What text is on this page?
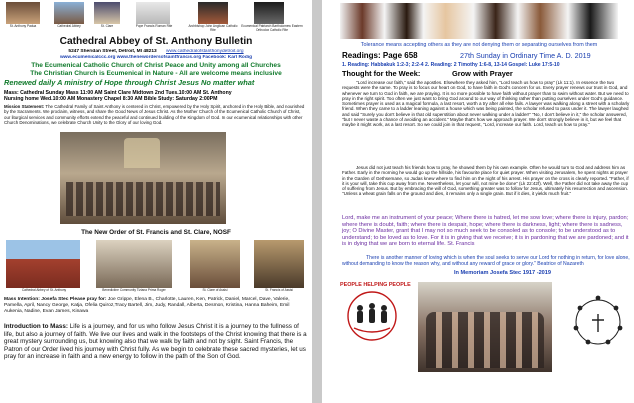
St. Anthony Padua	Cathedral Abbey	St. Clare	Pope Francis Roman Rite	Archbishop John Anglican Catholic Rite
Ecumenical Patriarch Bartholomew Eastern Orthodox Catholic Rite
Cathedral Abbey of St. Anthony Bulletin
5247 Sheridan Street, Detroit, MI 48213 www.cathedralofstanthonydetroit.org
www.ecumenicalccc.org www.thenewordersofsaintfrancis.org Facebook: Karl Rodig
The Ecumenical Catholic Church of Christ Peace and Unity among all Churches
The Christian Church is Ecumenical in Nature - All are welcome means inclusive
Renewed daily A ministry of Hope through Christ Jesus No matter what
Mass: Cathedral Sunday Mass 11:00 AM Saint Clare Midtown 2nd Tues.10:00 AM St. Anthony
Nursing home Wed.10:00 AM Monastery Chapel 8:30 AM Bible Study: Saturday 2:00PM
Mission Statement: The Cathedral Family of Saint Anthony is centered in Christ, empowered by the Holy Spirit, anchored in the Holy Bible, and nourished by the Sacraments. We proclaim, witness, and share the Good News of Jesus Christ. As the Mother Church of the Ecumenical Catholic Church of Christ, our liturgical services and community efforts extend the peaceful and continued building of the Kingdom of God. In our ecumenical relationships with other Church Denominations, we celebrate Church Unity to the Glory of our loving God.
The New Order of St. Francis and St. Clare, NOSF
Cathedral Abbey of St. Anthony	Benedictine Community Tiziana Prima Roger	St. Clare of Assisi	St. Francis of Assisi
Mass Intention: Josefa Stec Please pray for: Joe Grippe, Elena B., Charlotte, Lauren, Ken, Patrick, Daniel, Marcel, Dave, Valerie, Pamella, April, Nancy George, Katja, Ofelia Quiroz,Tracy Bartell, Jim, Judy, Randall, Alberta, Desmon, Kristina, Hanna Baheim, Emil Aukenia, Nadine, Evan James, Kinawa
Introduction to Mass: Life is a journey, and for us who follow Jesus Christ it is a journey to the fullness of life, but also a journey of faith. We live our lives and walk in the footsteps of the Christ knowing that there is a great mystery surrounding us, but knowing also that we walk by faith and not by sight. Saint Francis, the Patron of our Order lived his journey with Christ fully. As we begin to celebrate these sacred mysteries, let us pray for an increase in faith and a new energy to follow in the path of the Son of God.
Tolerance means accepting others as they are not denying them or separating ourselves from them
Readings: Page 658	27th Sunday in Ordinary Time A. D. 2019
1. Reading: Habbakuk 1:2-3; 2:2-4 2. Reading: 2 Timothy 1:6-8, 13-14 Gospel: Luke 17:5-10
Thought for the Week:	Grow with Prayer
"Lord increase our faith," said the apostles. Elsewhere they asked him, "Lord teach us how to pray" (Lk 11:1). In essence the two requests were the same. To pray is to focus our heart on God, to have faith in God's concern for us. Every prayer renews our trust in God, and whenever we turn to God in faith, we are praying. It is no more possible to have faith without prayer than to swim without water. But we need to pray in the right spirit. Too often we just want to bring God around to our way of thinking rather than putting ourselves under God's guidance. Sometimes prayer is used as a magical formula, a last resort, worth a try after all else fails. A lawyer was walking along a street with a scholarly friend. When they came to a ladder leaning against a house which was being painted, the scholar refused to pass under it. The lawyer laughed and said "Surely you don't believe in that old superstition about never walking under a ladder!" "No, I don't believe in it," the scholar answered, "but I never waste a chance of avoiding an accident." Maybe that's how we approach prayer. We don't strongly believe in it, but we feel that maybe it might work, as a last resort. So we could join in that request, "Lord, increase our faith. Lord, teach us how to pray."
Jesus did not just teach his friends how to pray, he showed them by his own example. Often he would turn to God and address him as Father. Early in the morning he would go up the hillside, his favourite place for quiet prayer. When visiting Jerusalem, he spent nights at prayer in the Garden of Gethsemane, so Judas knew where to find him on the night of his arrest. His prayer on the cross is clearly reported. "Father, if it is your will, take this cup away from me. Nevertheless, let your will, not mine be done" (Lk 22:42f). Well, the Father did not take away the cup of suffering from Jesus. But by embracing the will of God, something greater was to follow for Jesus, ultimately his resurrection and ascension. "Unless a wheat grain falls on the ground and dies, it remains only a single grain. But if it dies, it yields much fruit."
Lord, make me an instrument of your peace; Where there is hatred, let me sow love; where there is injury, pardon; where there is doubt, faith; where there is despair, hope; where there is darkness, light; where there is sadness, joy; O Divine Master, grant that I may not so much seek to be consoled as to console; to be understood as to understand; to be loved as to love. For it is in giving that we receive; it is in pardoning that we are pardoned; and it is in dying that we are born to eternal life. St. Francis
There is another manner of loving which is when the soul seeks to serve our Lord for nothing in return, for love alone, without demanding to know the reason why, and without any reward of grace or glory." Beatrice of Nazareth
In Memoriam Josefa Stec 1917 -2019
PEOPLE HELPING PEOPLE
